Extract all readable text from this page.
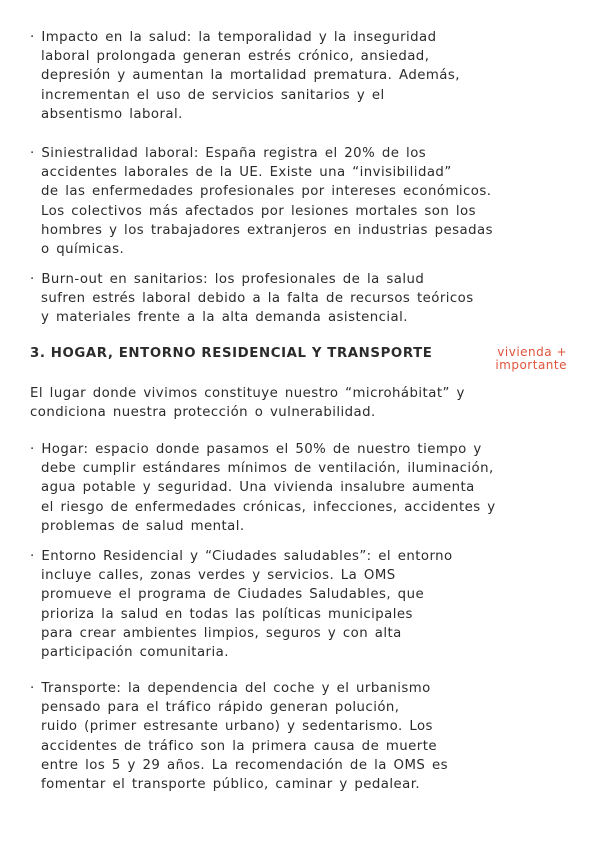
· Impacto en la salud: la temporalidad y la inseguridad
laboral prolongada generan estrés crónico, ansiedad,
depresión y aumentan la mortalidad prematura. Además,
incrementan el uso de servicios sanitarios y el
absentismo laboral.
· Siniestralidad laboral: España registra el 20% de los
accidentes laborales de la UE. Existe una “invisibilidad”
de las enfermedades profesionales por intereses económicos.
Los colectivos más afectados por lesiones mortales son los
hombres y los trabajadores extranjeros en industrias pesadas
o químicas.
· Burn-out en sanitarios: los profesionales de la salud
sufren estrés laboral debido a la falta de recursos teóricos
y materiales frente a la alta demanda asistencial.
3. HOGAR, ENTORNO RESIDENCIAL Y TRANSPORTE	vivienda +
importante
El lugar donde vivimos constituye nuestro “microhábitat” y
condiciona nuestra protección o vulnerabilidad.
· Hogar: espacio donde pasamos el 50% de nuestro tiempo y
debe cumplir estándares mínimos de ventilación, iluminación,
agua potable y seguridad. Una vivienda insalubre aumenta
el riesgo de enfermedades crónicas, infecciones, accidentes y
problemas de salud mental.
· Entorno Residencial y “Ciudades saludables”: el entorno
incluye calles, zonas verdes y servicios. La OMS
promueve el programa de Ciudades Saludables, que
prioriza la salud en todas las políticas municipales
para crear ambientes limpios, seguros y con alta
participación comunitaria.
· Transporte: la dependencia del coche y el urbanismo
pensado para el tráfico rápido generan polución,
ruido (primer estresante urbano) y sedentarismo. Los
accidentes de tráfico son la primera causa de muerte
entre los 5 y 29 años. La recomendación de la OMS es
fomentar el transporte público, caminar y pedalear.
